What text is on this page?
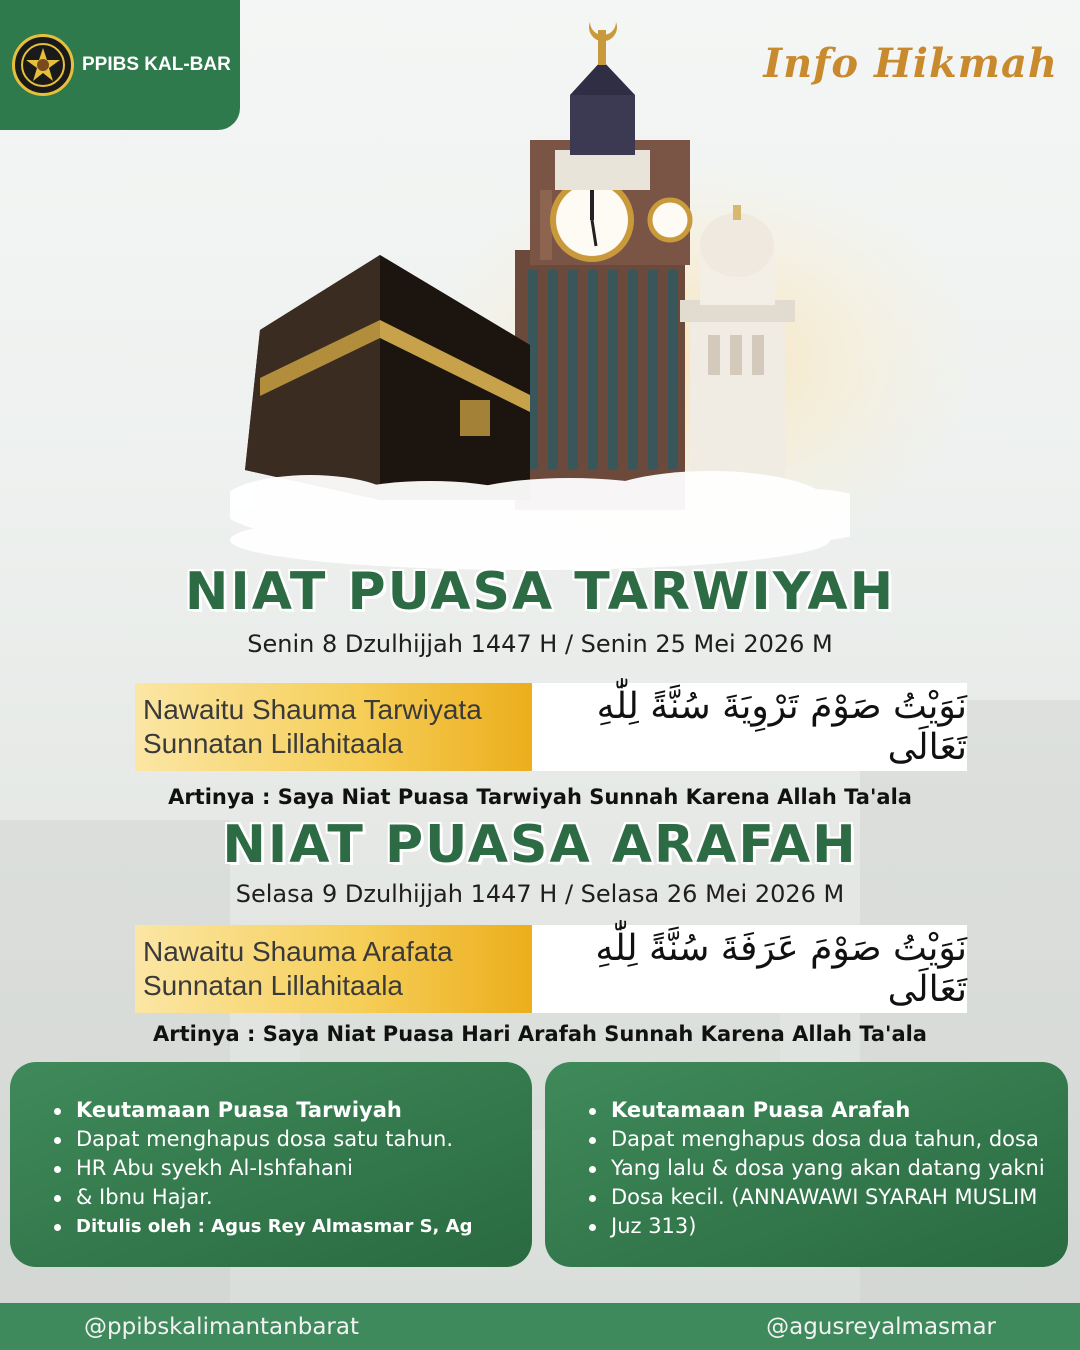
PPIBS KAL-BAR	Info Hikmah
NIAT PUASA TARWIYAH
Senin 8 Dzulhijjah 1447 H / Senin 25 Mei 2026 M
Nawaitu Shauma Tarwiyata
Sunnatan Lillahitaala
نَوَيْتُ صَوْمَ تَرْوِيَةَ سُنَّةً لِلّٰهِ تَعَالَى
Artinya : Saya Niat Puasa Tarwiyah Sunnah Karena Allah Ta'ala
NIAT PUASA ARAFAH
Selasa 9 Dzulhijjah 1447 H / Selasa 26 Mei 2026 M
Nawaitu Shauma Arafata
Sunnatan Lillahitaala
نَوَيْتُ صَوْمَ عَرَفَةَ سُنَّةً لِلّٰهِ تَعَالَى
Artinya : Saya Niat Puasa Hari Arafah Sunnah Karena Allah Ta'ala
Keutamaan Puasa Tarwiyah
Dapat menghapus dosa satu tahun.
HR Abu syekh Al-Ishfahani
& Ibnu Hajar.
Ditulis oleh : Agus Rey Almasmar S, Ag
Keutamaan Puasa Arafah
Dapat menghapus dosa dua tahun, dosa
Yang lalu & dosa yang akan datang yakni
Dosa kecil. (ANNAWAWI SYARAH MUSLIM
Juz 313)
@ppibskalimantanbarat	@agusreyalmasmar
